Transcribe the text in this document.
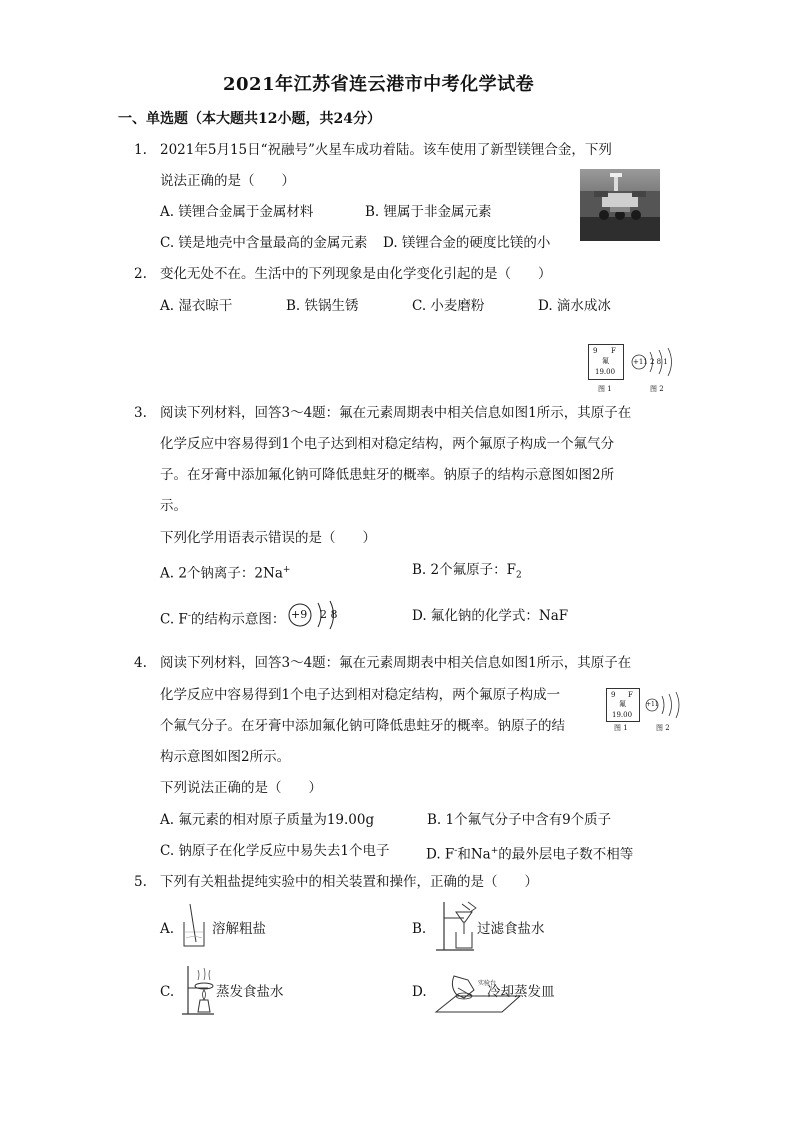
2021年江苏省连云港市中考化学试卷
一、单选题（本大题共12小题，共24分）
1. 2021年5月15日“祝融号”火星车成功着陆。该车使用了新型镁锂合金，下列
说法正确的是（　　）
A. 镁锂合金属于金属材料	B. 锂属于非金属元素
C. 镁是地壳中含量最高的金属元素 D. 镁锂合金的硬度比镁的小
2. 变化无处不在。生活中的下列现象是由化学变化引起的是（　　）
A. 湿衣晾干	B. 铁锅生锈	C. 小麦磨粉	D. 滴水成冰
9 F
氟
19.00
图 1
+11 2 8 1
图 2
3. 阅读下列材料，回答3～4题：氟在元素周期表中相关信息如图1所示，其原子在
化学反应中容易得到1个电子达到相对稳定结构，两个氟原子构成一个氟气分
子。在牙膏中添加氟化钠可降低患蛀牙的概率。钠原子的结构示意图如图2所
示。
下列化学用语表示错误的是（　　）
A. 2个钠离子：2Na+	B. 2个氟原子：$F_2$
C. F-的结构示意图： +9 2 8	D. 氟化钠的化学式：NaF
4. 阅读下列材料，回答3～4题：氟在元素周期表中相关信息如图1所示，其原子在
化学反应中容易得到1个电子达到相对稳定结构，两个氟原子构成一
个氟气分子。在牙膏中添加氟化钠可降低患蛀牙的概率。钠原子的结
构示意图如图2所示。
9 F
氟
19.00
图 1
+11
图 2
下列说法正确的是（　　）
A. 氟元素的相对原子质量为19.00g	B. 1个氟气分子中含有9个质子
C. 钠原子在化学反应中易失去1个电子	D. F-和Na+的最外层电子数不相等
5. 下列有关粗盐提纯实验中的相关装置和操作，正确的是（　　）
A.	溶解粗盐	B.	过滤食盐水
C.	蒸发食盐水	D.
实验台
冷却蒸发皿
